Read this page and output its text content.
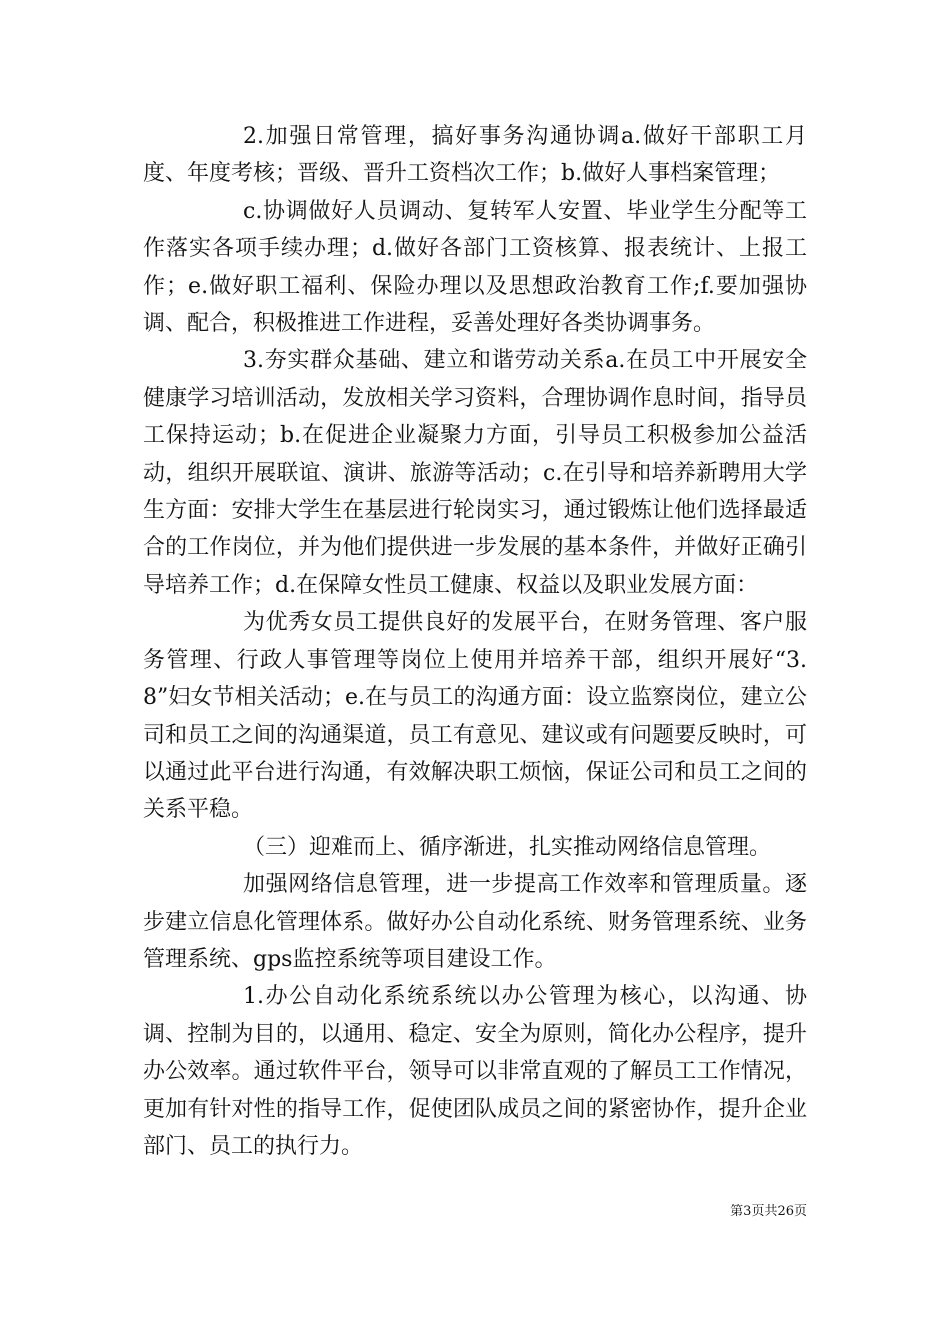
2.加强日常管理，搞好事务沟通协调a.做好干部职工月度、年度考核；晋级、晋升工资档次工作；b.做好人事档案管理；

c.协调做好人员调动、复转军人安置、毕业学生分配等工作落实各项手续办理；d.做好各部门工资核算、报表统计、上报工作；e.做好职工福利、保险办理以及思想政治教育工作;f.要加强协调、配合，积极推进工作进程，妥善处理好各类协调事务。

3.夯实群众基础、建立和谐劳动关系a.在员工中开展安全健康学习培训活动，发放相关学习资料，合理协调作息时间，指导员工保持运动；b.在促进企业凝聚力方面，引导员工积极参加公益活动，组织开展联谊、演讲、旅游等活动；c.在引导和培养新聘用大学生方面：安排大学生在基层进行轮岗实习，通过锻炼让他们选择最适合的工作岗位，并为他们提供进一步发展的基本条件，并做好正确引导培养工作；d.在保障女性员工健康、权益以及职业发展方面：

为优秀女员工提供良好的发展平台，在财务管理、客户服务管理、行政人事管理等岗位上使用并培养干部，组织开展好“3.8”妇女节相关活动；e.在与员工的沟通方面：设立监察岗位，建立公司和员工之间的沟通渠道，员工有意见、建议或有问题要反映时，可以通过此平台进行沟通，有效解决职工烦恼，保证公司和员工之间的关系平稳。

（三）迎难而上、循序渐进，扎实推动网络信息管理。

加强网络信息管理，进一步提高工作效率和管理质量。逐步建立信息化管理体系。做好办公自动化系统、财务管理系统、业务管理系统、gps监控系统等项目建设工作。

1.办公自动化系统系统以办公管理为核心，以沟通、协调、控制为目的，以通用、稳定、安全为原则，简化办公程序，提升办公效率。通过软件平台，领导可以非常直观的了解员工工作情况，更加有针对性的指导工作，促使团队成员之间的紧密协作，提升企业部门、员工的执行力。

第3页共26页
